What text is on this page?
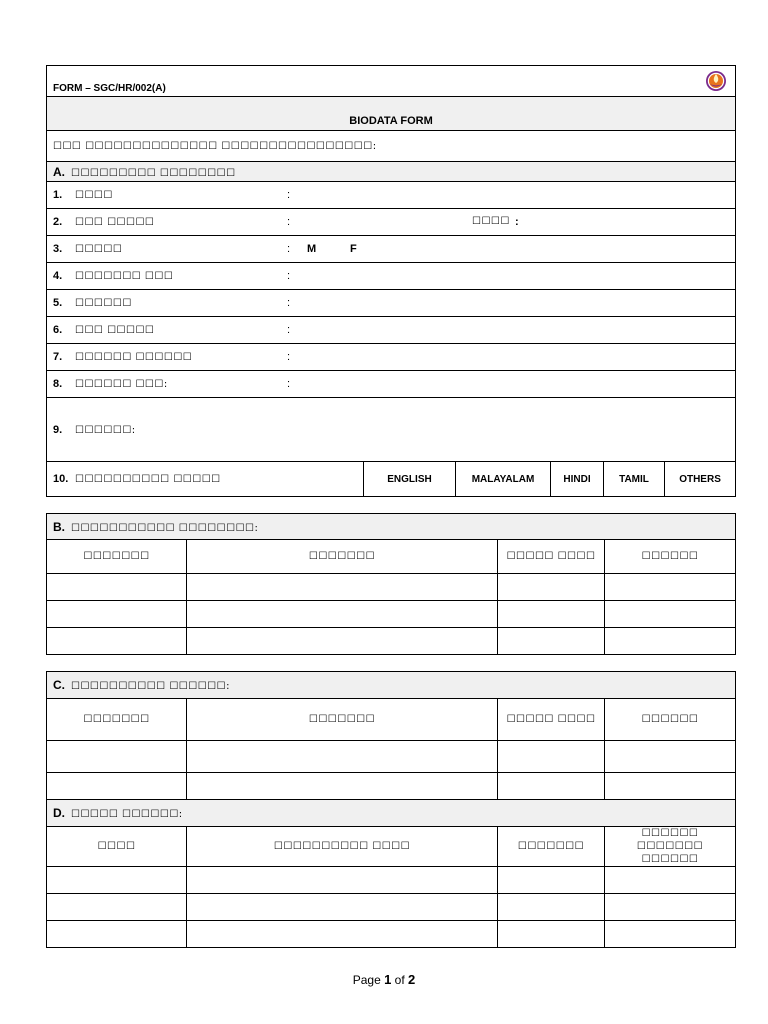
FORM – SGC/HR/002(A)

BIODATA FORM
☐☐☐ ☐☐☐☐☐☐☐☐☐☐☐☐☐☐ ☐☐☐☐☐☐☐☐☐☐☐☐☐☐☐☐:
A. ☐☐☐☐☐☐☐☐☐ ☐☐☐☐☐☐☐☐
1. ☐☐☐☐	:

2. ☐☐☐ ☐☐☐☐☐	:	☐☐☐☐ :

3. ☐☐☐☐☐	: M	F

4. ☐☐☐☐☐☐☐ ☐☐☐	:

5. ☐☐☐☐☐☐	:

6. ☐☐☐ ☐☐☐☐☐	:

7. ☐☐☐☐☐☐ ☐☐☐☐☐☐	:

8. ☐☐☐☐☐☐ ☐☐☐:	:

9. ☐☐☐☐☐☐:
10. ☐☐☐☐☐☐☐☐☐☐ ☐☐☐☐☐	ENGLISH	MALAYALAM	HINDI	TAMIL	OTHERS
B. ☐☐☐☐☐☐☐☐☐☐☐ ☐☐☐☐☐☐☐☐:			
☐☐☐☐☐☐☐	☐☐☐☐☐☐☐	☐☐☐☐☐ ☐☐☐☐	☐☐☐☐☐☐

C. ☐☐☐☐☐☐☐☐☐☐ ☐☐☐☐☐☐:			
☐☐☐☐☐☐☐	☐☐☐☐☐☐☐	☐☐☐☐☐ ☐☐☐☐	☐☐☐☐☐☐

D. ☐☐☐☐☐ ☐☐☐☐☐☐:			
☐☐☐☐	☐☐☐☐☐☐☐☐☐☐ ☐☐☐☐	☐☐☐☐☐☐☐	☐☐☐☐☐☐ ☐☐☐☐☐☐☐ ☐☐☐☐☐☐

Page 1 of 2
